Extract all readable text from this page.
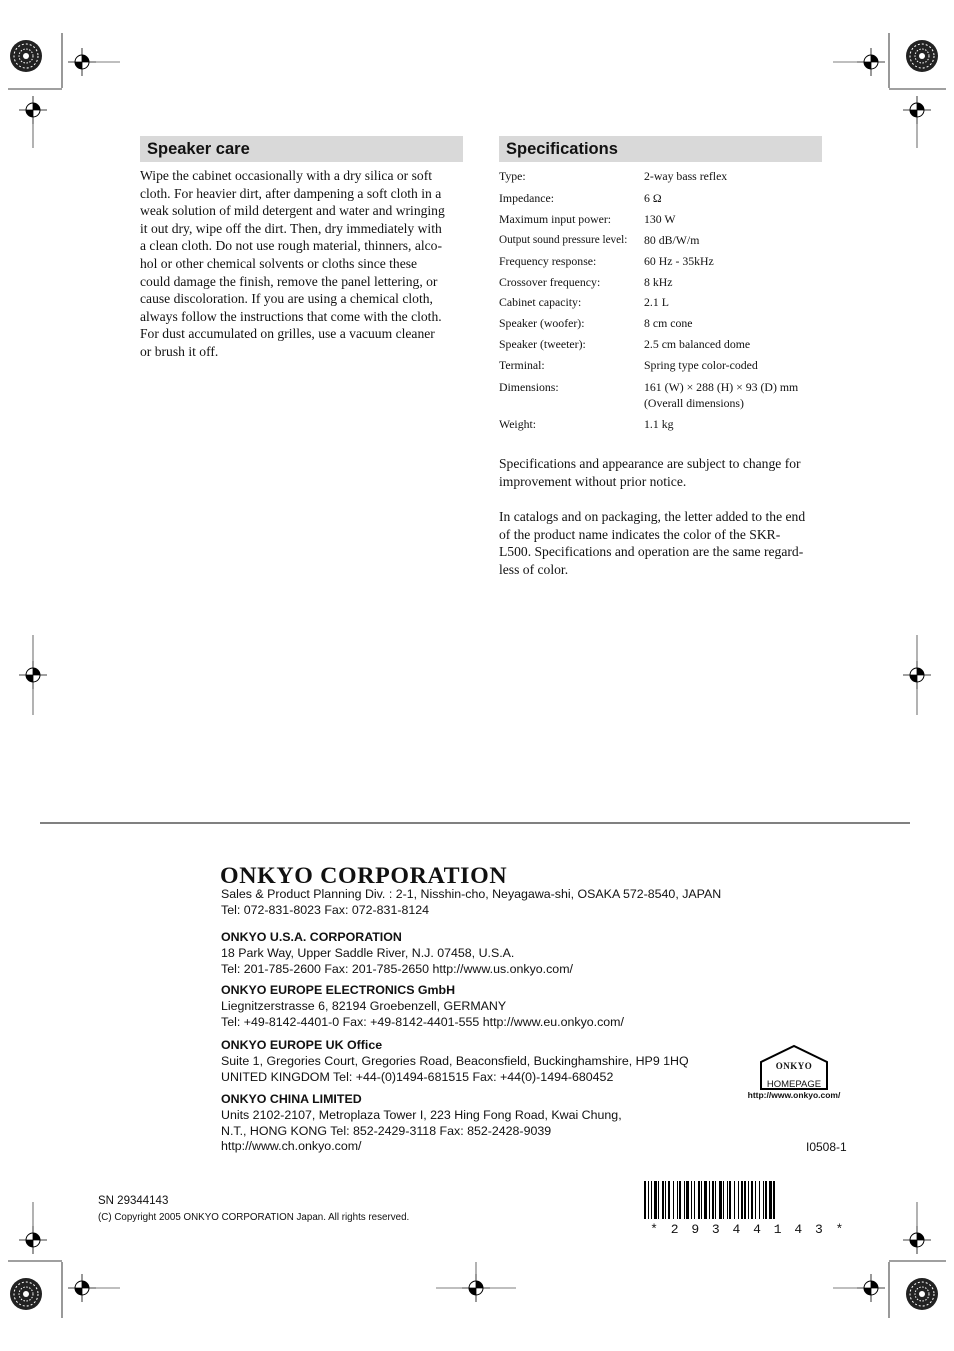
Speaker care
Wipe the cabinet occasionally with a dry silica or soft
cloth. For heavier dirt, after dampening a soft cloth in a
weak solution of mild detergent and water and wringing
it out dry, wipe off the dirt. Then, dry immediately with
a clean cloth. Do not use rough material, thinners, alco-
hol or other chemical solvents or cloths since these
could damage the finish, remove the panel lettering, or
cause discoloration. If you are using a chemical cloth,
always follow the instructions that come with the cloth.
For dust accumulated on grilles, use a vacuum cleaner
or brush it off.
Specifications
Type:	2-way bass reflex
Impedance:	6 Ω
Maximum input power:	130 W
Output sound pressure level: 80 dB/W/m
Frequency response:	60 Hz - 35kHz
Crossover frequency:	8 kHz
Cabinet capacity:	2.1 L
Speaker (woofer):	8 cm cone
Speaker (tweeter):	2.5 cm balanced dome
Terminal:	Spring type color-coded
Dimensions:	161 (W) × 288 (H) × 93 (D) mm
(Overall dimensions)
Weight:	1.1 kg
Specifications and appearance are subject to change for
improvement without prior notice.
In catalogs and on packaging, the letter added to the end
of the product name indicates the color of the SKR-
L500. Specifications and operation are the same regard-
less of color.
ONKYO CORPORATION
Sales & Product Planning Div. : 2-1, Nisshin-cho, Neyagawa-shi, OSAKA 572-8540, JAPAN
Tel: 072-831-8023 Fax: 072-831-8124
ONKYO U.S.A. CORPORATION
18 Park Way, Upper Saddle River, N.J. 07458, U.S.A.
Tel: 201-785-2600 Fax: 201-785-2650 http://www.us.onkyo.com/
ONKYO EUROPE ELECTRONICS GmbH
Liegnitzerstrasse 6, 82194 Groebenzell, GERMANY
Tel: +49-8142-4401-0 Fax: +49-8142-4401-555 http://www.eu.onkyo.com/
ONKYO EUROPE UK Office
Suite 1, Gregories Court, Gregories Road, Beaconsfield, Buckinghamshire, HP9 1HQ
UNITED KINGDOM Tel: +44-(0)1494-681515 Fax: +44(0)-1494-680452
ONKYO CHINA LIMITED
Units 2102-2107, Metroplaza Tower I, 223 Hing Fong Road, Kwai Chung,
N.T., HONG KONG Tel: 852-2429-3118 Fax: 852-2428-9039
http://www.ch.onkyo.com/
ONKYO
HOMEPAGE
http://www.onkyo.com/
I0508-1
SN 29344143
(C) Copyright 2005 ONKYO CORPORATION Japan. All rights reserved.
* 2 9 3 4 4 1 4 3 *
